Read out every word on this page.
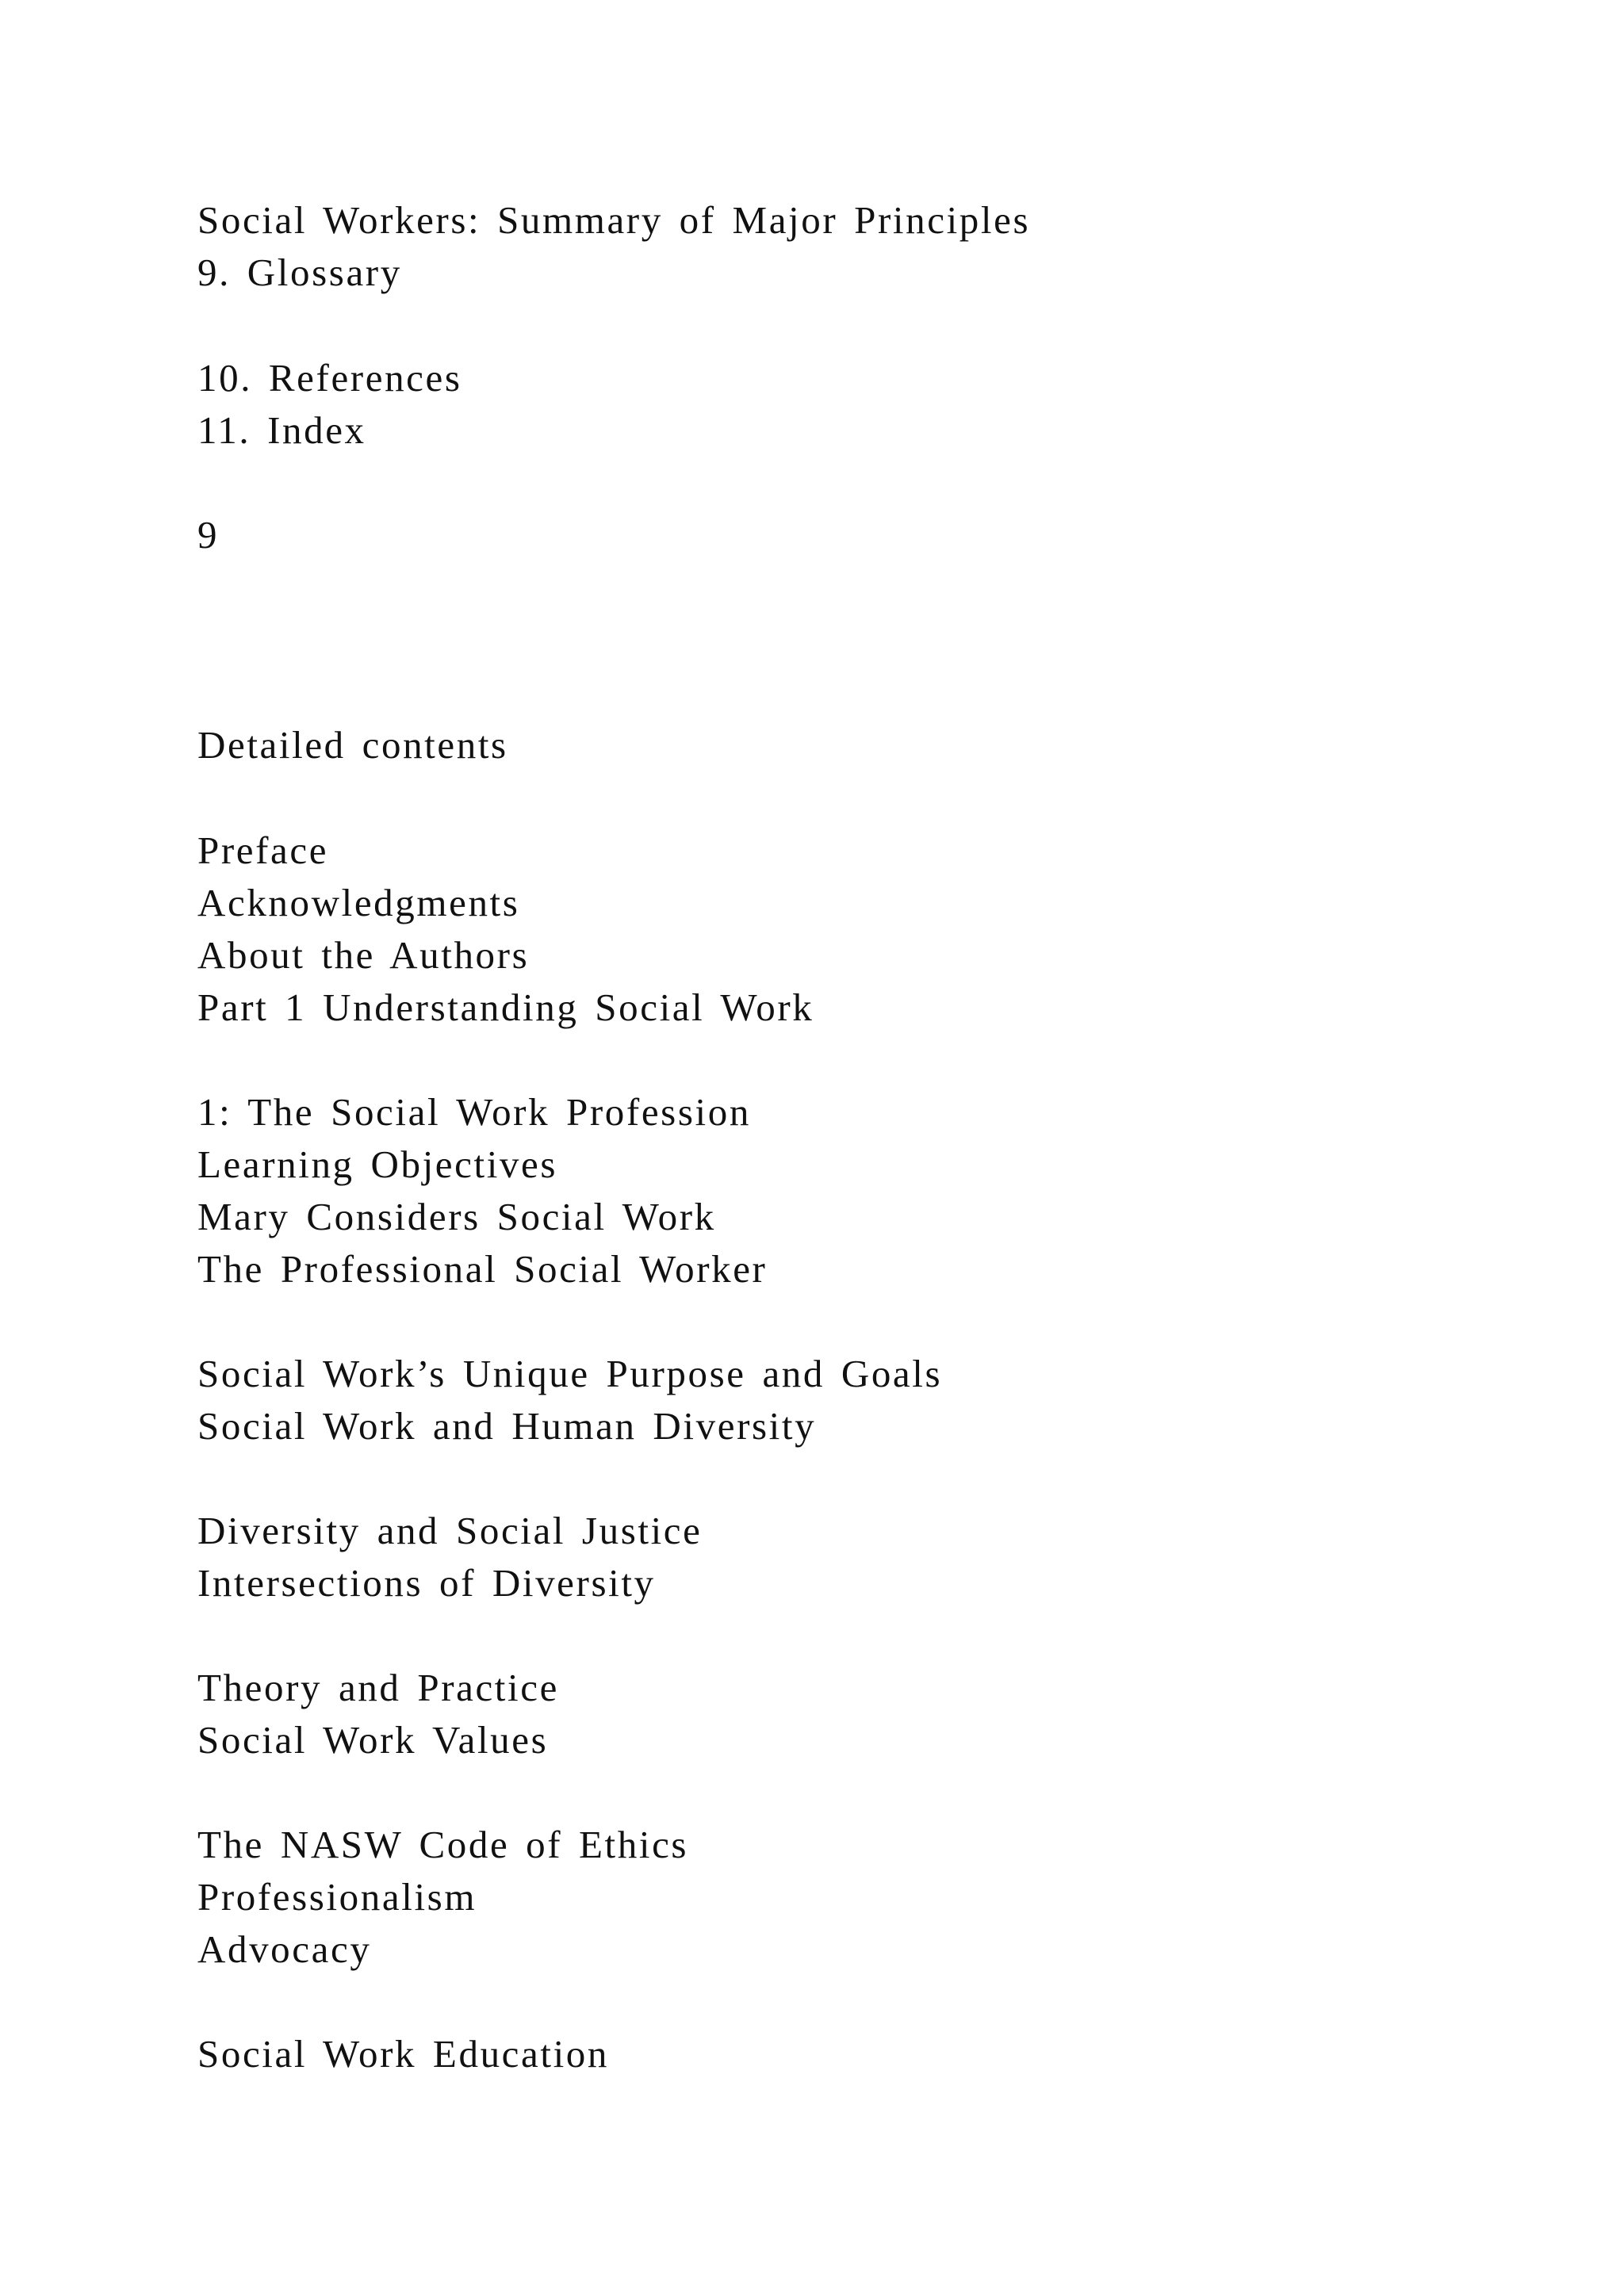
Social Workers: Summary of Major Principles

9. Glossary

10. References

11. Index

9

Detailed contents

Preface

Acknowledgments

About the Authors

Part 1 Understanding Social Work

1: The Social Work Profession

Learning Objectives

Mary Considers Social Work

The Professional Social Worker

Social Work’s Unique Purpose and Goals

Social Work and Human Diversity

Diversity and Social Justice

Intersections of Diversity

Theory and Practice

Social Work Values

The NASW Code of Ethics

Professionalism

Advocacy

Social Work Education
